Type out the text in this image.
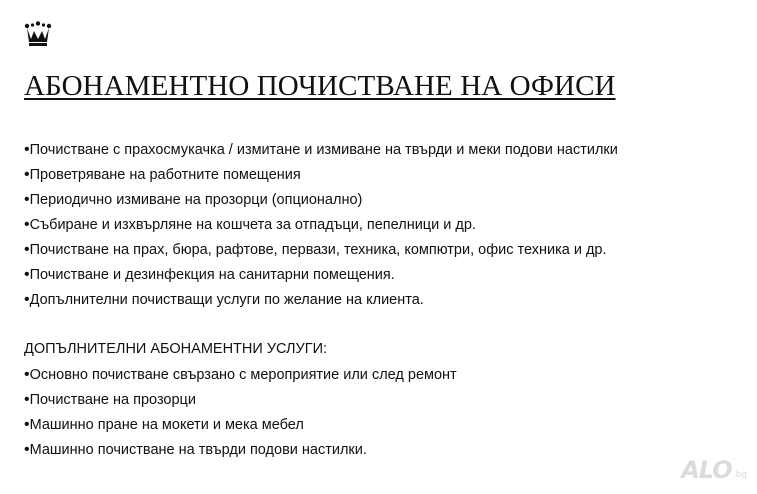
АБОНАМЕНТНО ПОЧИСТВАНЕ НА ОФИСИ
• Почистване с прахосмукачка / измитане и измиване на твърди и меки подови настилки
• Проветряване на работните помещения
• Периодично измиване на прозорци (опционално)
• Събиране и изхвърляне на кошчета за отпадъци, пепелници и др.
• Почистване на прах, бюра, рафтове, первази, техника, компютри, офис техника и др.
• Почистване и дезинфекция на санитарни помещения.
• Допълнителни почистващи услуги по желание на клиента.
ДОПЪЛНИТЕЛНИ АБОНАМЕНТНИ УСЛУГИ:
• Основно почистване свързано с мероприятие или след ремонт
• Почистване на прозорци
• Машинно пране на мокети и мека мебел
• Машинно почистване на твърди подови настилки.
ALO .bg
